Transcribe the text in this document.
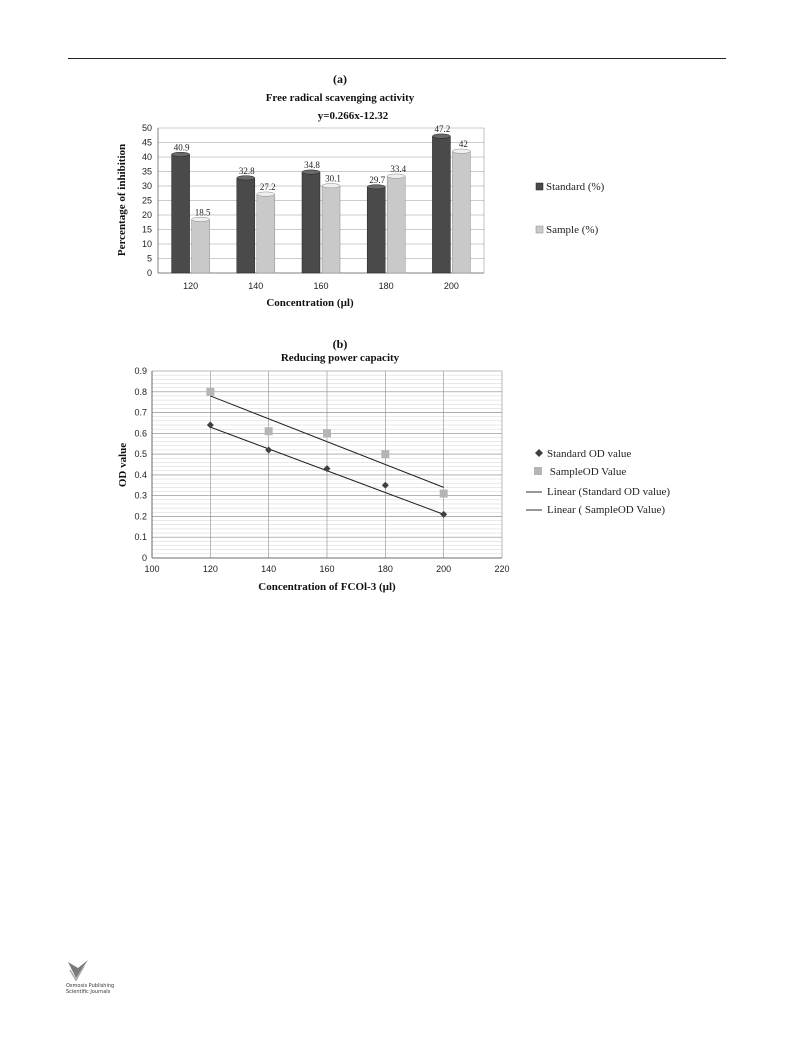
(a)
Free radical scavenging activity
y=0.266x-12.32
0
5
10
15
20
25
30
35
40
45
50
40.9
18.5
32.8
27.2
34.8
30.1	29.7
33.4
47.2
42
120	140	160	180	200
Concentration (µl)
Percentage of inhibition	Standard (%)
Sample (%)
(b)
Reducing power capacity
0
0.1
0.2
0.3
0.4
0.5
0.6
0.7
0.8
0.9
100	120	140	160	180	200	220
Concentration of FCOl-3 (µl)
OD value	Standard OD value
SampleOD Value
Linear (Standard OD value)
Linear ( SampleOD Value)
Osmosis Publishing
Scientific Journals
